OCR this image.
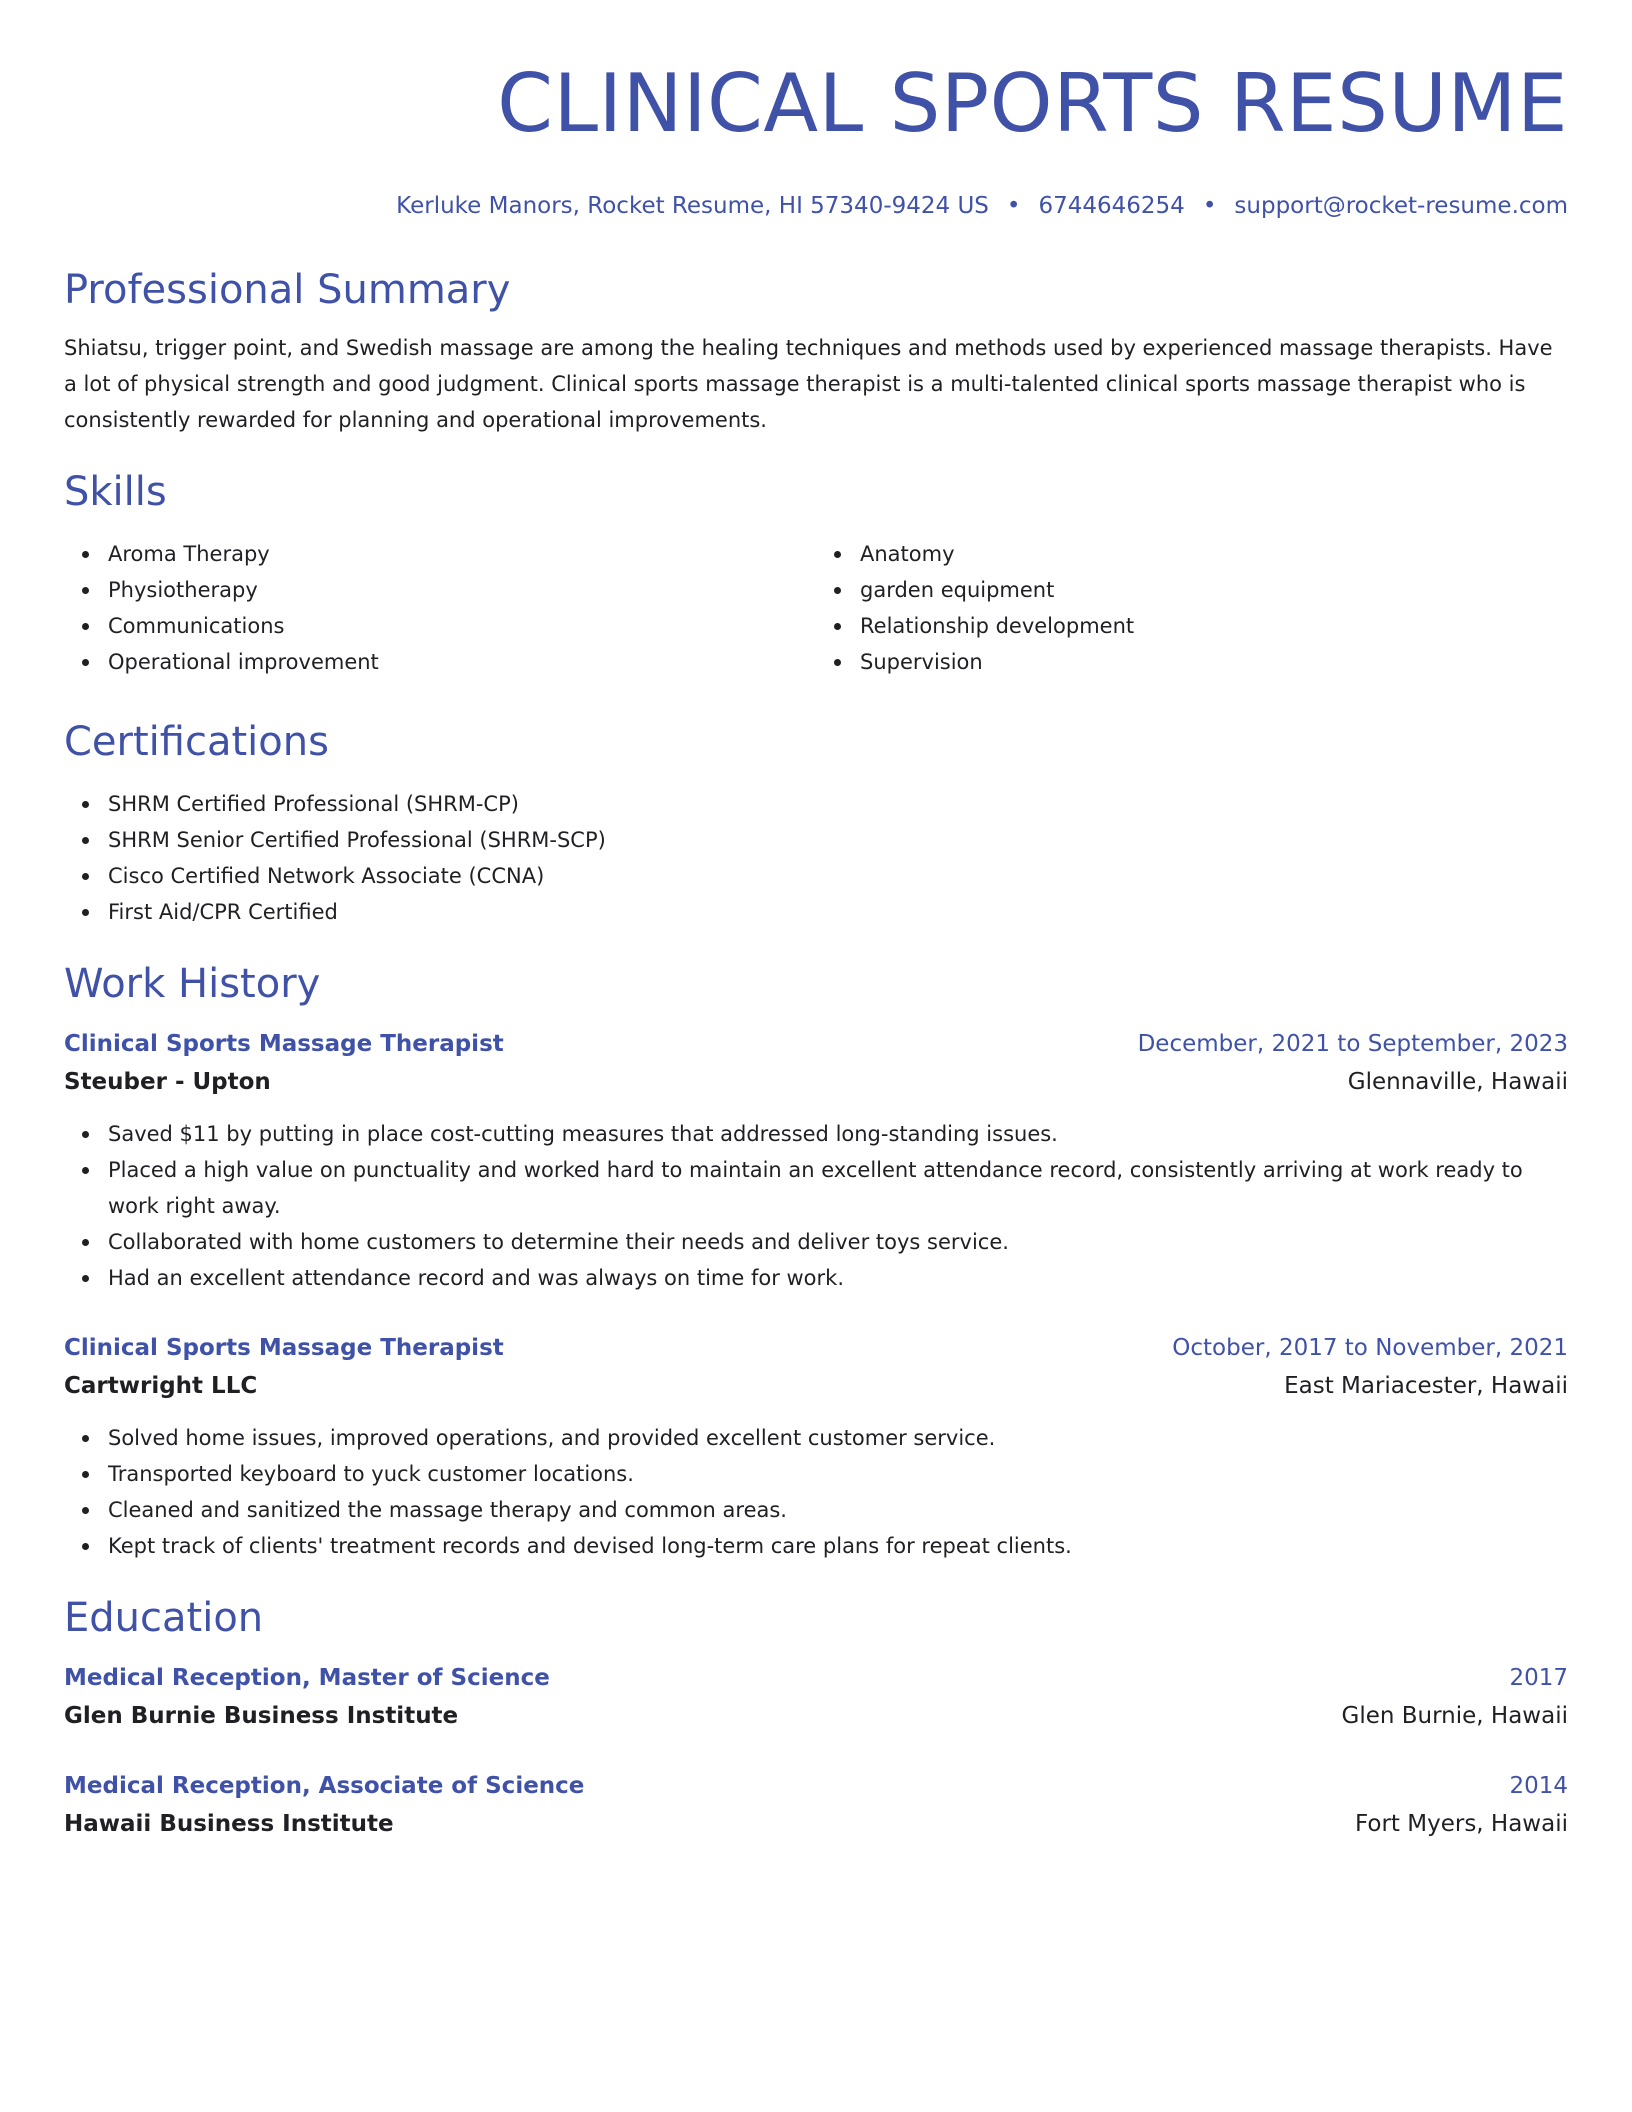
CLINICAL SPORTS RESUME
Kerluke Manors, Rocket Resume, HI 57340-9424 US • 6744646254 • support@rocket-resume.com
Professional Summary
Shiatsu, trigger point, and Swedish massage are among the healing techniques and methods used by experienced massage therapists. Have a lot of physical strength and good judgment. Clinical sports massage therapist is a multi-talented clinical sports massage therapist who is consistently rewarded for planning and operational improvements.
Skills
Aroma Therapy
Physiotherapy
Communications
Operational improvement
Anatomy
garden equipment
Relationship development
Supervision
Certifications
SHRM Certified Professional (SHRM-CP)
SHRM Senior Certified Professional (SHRM-SCP)
Cisco Certified Network Associate (CCNA)
First Aid/CPR Certified
Work History
Clinical Sports Massage Therapist	December, 2021 to September, 2023
Steuber - Upton	Glennaville, Hawaii
Saved $11 by putting in place cost-cutting measures that addressed long-standing issues.
Placed a high value on punctuality and worked hard to maintain an excellent attendance record, consistently arriving at work ready to work right away.
Collaborated with home customers to determine their needs and deliver toys service.
Had an excellent attendance record and was always on time for work.
Clinical Sports Massage Therapist	October, 2017 to November, 2021
Cartwright LLC	East Mariacester, Hawaii
Solved home issues, improved operations, and provided excellent customer service.
Transported keyboard to yuck customer locations.
Cleaned and sanitized the massage therapy and common areas.
Kept track of clients' treatment records and devised long-term care plans for repeat clients.
Education
Medical Reception, Master of Science	2017
Glen Burnie Business Institute	Glen Burnie, Hawaii
Medical Reception, Associate of Science	2014
Hawaii Business Institute	Fort Myers, Hawaii
